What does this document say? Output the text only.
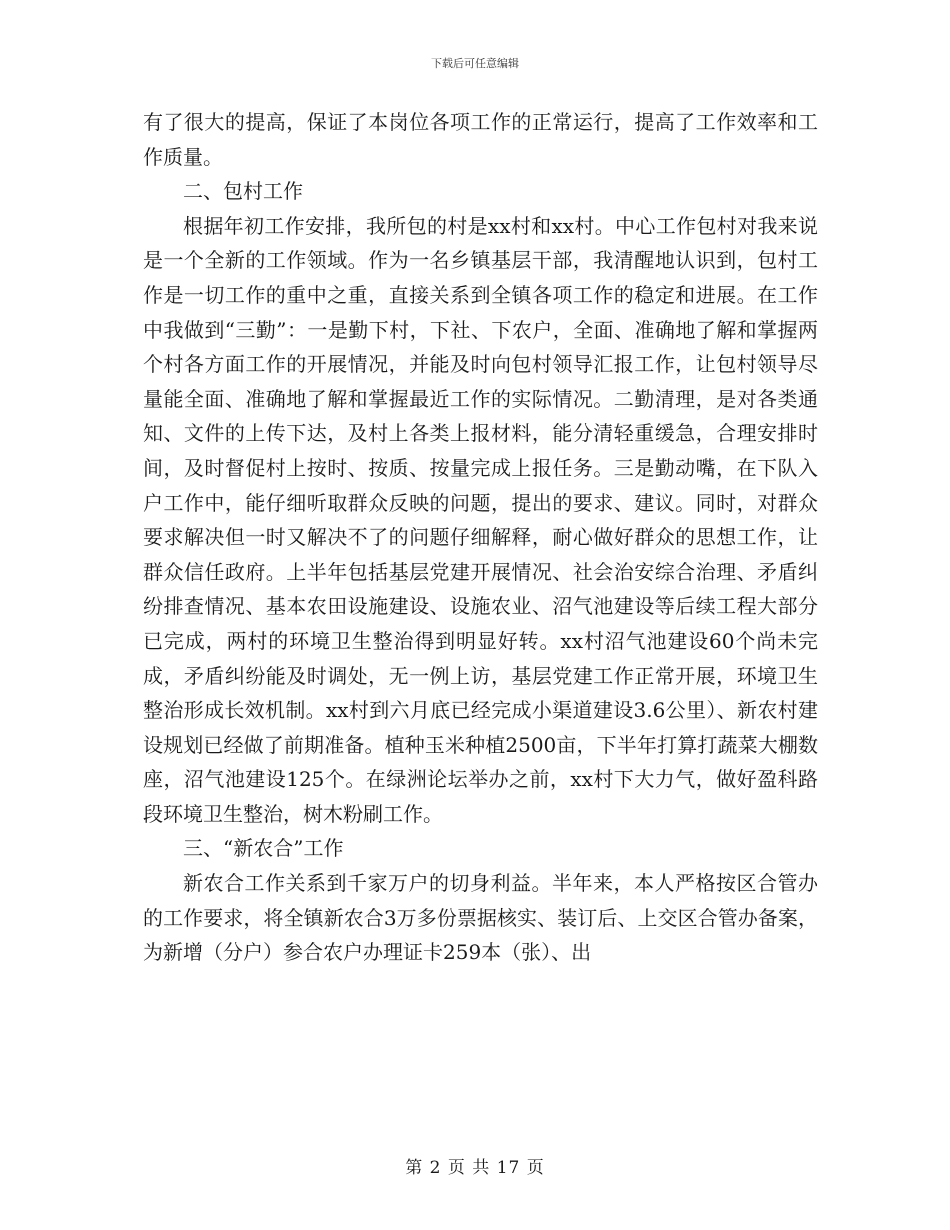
下载后可任意编辑

有了很大的提高，保证了本岗位各项工作的正常运行，提高了工作效率和工作质量。

二、包村工作

根据年初工作安排，我所包的村是xx村和xx村。中心工作包村对我来说是一个全新的工作领域。作为一名乡镇基层干部，我清醒地认识到，包村工作是一切工作的重中之重，直接关系到全镇各项工作的稳定和进展。在工作中我做到“三勤”：一是勤下村，下社、下农户，全面、准确地了解和掌握两个村各方面工作的开展情况，并能及时向包村领导汇报工作，让包村领导尽量能全面、准确地了解和掌握最近工作的实际情况。二勤清理，是对各类通知、文件的上传下达，及村上各类上报材料，能分清轻重缓急，合理安排时间，及时督促村上按时、按质、按量完成上报任务。三是勤动嘴，在下队入户工作中，能仔细听取群众反映的问题，提出的要求、建议。同时，对群众要求解决但一时又解决不了的问题仔细解释，耐心做好群众的思想工作，让群众信任政府。上半年包括基层党建开展情况、社会治安综合治理、矛盾纠纷排查情况、基本农田设施建设、设施农业、沼气池建设等后续工程大部分已完成，两村的环境卫生整治得到明显好转。xx村沼气池建设60个尚未完成，矛盾纠纷能及时调处，无一例上访，基层党建工作正常开展，环境卫生整治形成长效机制。xx村到六月底已经完成小渠道建设3.6公里）、新农村建设规划已经做了前期准备。植种玉米种植2500亩，下半年打算打蔬菜大棚数座，沼气池建设125个。在绿洲论坛举办之前，xx村下大力气，做好盈科路段环境卫生整治，树木粉刷工作。

三、“新农合”工作

新农合工作关系到千家万户的切身利益。半年来，本人严格按区合管办的工作要求，将全镇新农合3万多份票据核实、装订后、上交区合管办备案，为新增（分户）参合农户办理证卡259本（张）、出

第 2 页 共 17 页
